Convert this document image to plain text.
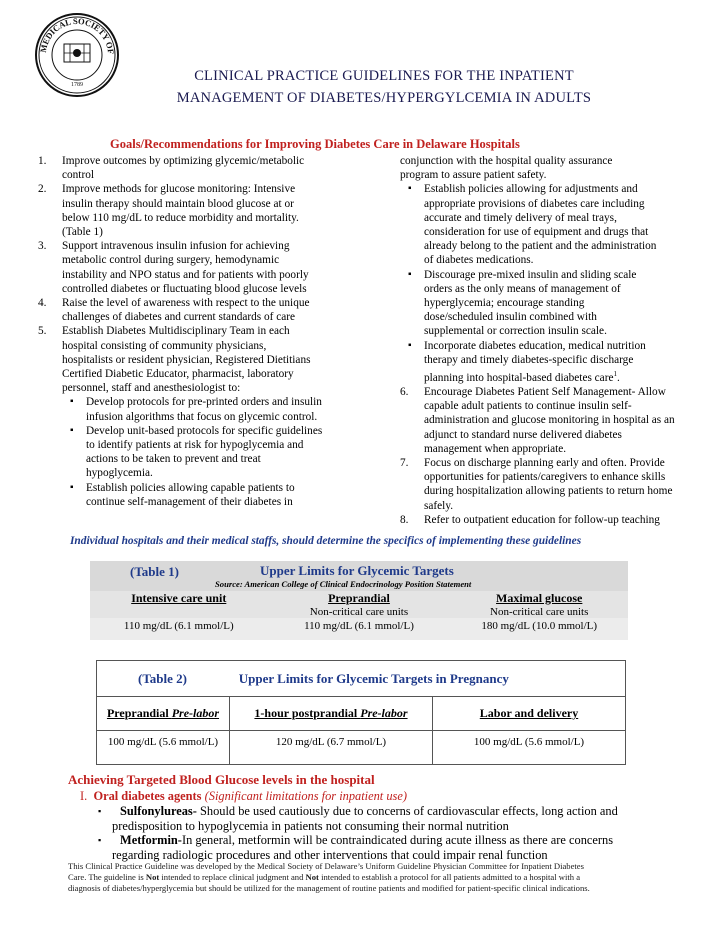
MEDICAL SOCIETY OF
1789
CLINICAL PRACTICE GUIDELINES FOR THE INPATIENT
MANAGEMENT OF DIABETES/HYPERGYLCEMIA IN ADULTS
Goals/Recommendations for Improving Diabetes Care in Delaware Hospitals
1. Improve outcomes by optimizing glycemic/metabolic
control
2. Improve methods for glucose monitoring: Intensive
insulin therapy should maintain blood glucose at or
below 110 mg/dL to reduce morbidity and mortality.
(Table 1)
3. Support intravenous insulin infusion for achieving
metabolic control during surgery, hemodynamic
instability and NPO status and for patients with poorly
controlled diabetes or fluctuating blood glucose levels
4. Raise the level of awareness with respect to the unique
challenges of diabetes and current standards of care
5. Establish Diabetes Multidisciplinary Team in each
hospital consisting of community physicians,
hospitalists or resident physician, Registered Dietitians
Certified Diabetic Educator, pharmacist, laboratory
personnel, staff and anesthesiologist to:
▪ Develop protocols for pre-printed orders and insulin
infusion algorithms that focus on glycemic control.
▪ Develop unit-based protocols for specific guidelines
to identify patients at risk for hypoglycemia and
actions to be taken to prevent and treat
hypoglycemia.
▪ Establish policies allowing capable patients to
continue self-management of their diabetes in
conjunction with the hospital quality assurance
program to assure patient safety.
▪ Establish policies allowing for adjustments and
appropriate provisions of diabetes care including
accurate and timely delivery of meal trays,
consideration for use of equipment and drugs that
already belong to the patient and the administration
of diabetes medications.
▪ Discourage pre-mixed insulin and sliding scale
orders as the only means of management of
hyperglycemia; encourage standing
dose/scheduled insulin combined with
supplemental or correction insulin scale.
▪ Incorporate diabetes education, medical nutrition
therapy and timely diabetes-specific discharge
planning into hospital-based diabetes care$^1$.
6. Encourage Diabetes Patient Self Management- Allow
capable adult patients to continue insulin self-
administration and glucose monitoring in hospital as an
adjunct to standard nurse delivered diabetes
management when appropriate.
7. Focus on discharge planning early and often. Provide
opportunities for patients/caregivers to enhance skills
during hospitalization allowing patients to return home
safely.
8. Refer to outpatient education for follow-up teaching
Individual hospitals and their medical staffs, should determine the specifics of implementing these guidelines
(Table 1)	Upper Limits for Glycemic Targets
Source: American College of Clinical Endocrinology Position Statement
Intensive care unit	Preprandial	Maximal glucose
	Non-critical care units	Non-critical care units
110 mg/dL (6.1 mmol/L)	110 mg/dL (6.1 mmol/L)	180 mg/dL (10.0 mmol/L)
(Table 2) Upper Limits for Glycemic Targets in Pregnancy		
Preprandial Pre-labor	1-hour postprandial Pre-labor	Labor and delivery
100 mg/dL (5.6 mmol/L)	120 mg/dL (6.7 mmol/L)	100 mg/dL (5.6 mmol/L)
Achieving Targeted Blood Glucose levels in the hospital
I. Oral diabetes agents (Significant limitations for inpatient use)
▪ Sulfonylureas- Should be used cautiously due to concerns of cardiovascular effects, long action and
predisposition to hypoglycemia in patients not consuming their normal nutrition
▪ Metformin-In general, metformin will be contraindicated during acute illness as there are concerns
regarding radiologic procedures and other interventions that could impair renal function
This Clinical Practice Guideline was developed by the Medical Society of Delaware’s Uniform Guideline Physician Committee for Inpatient Diabetes
Care. The guideline is Not intended to replace clinical judgment and Not intended to establish a protocol for all patients admitted to a hospital with a
diagnosis of diabetes/hyperglycemia but should be utilized for the management of routine patients and modified for patient-specific clinical indications.
